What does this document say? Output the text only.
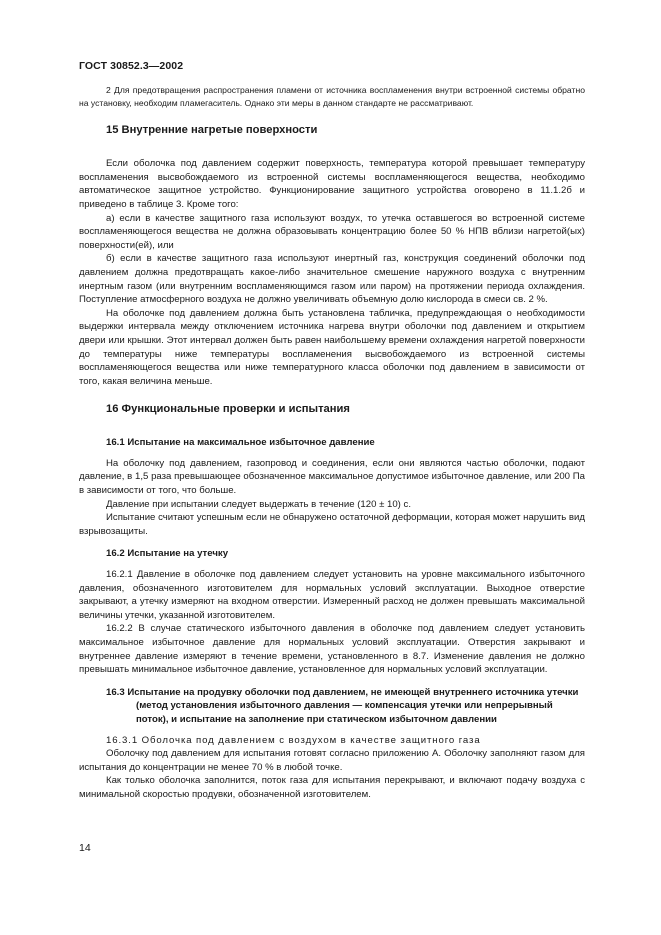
ГОСТ 30852.3—2002

2 Для предотвращения распространения пламени от источника воспламенения внутри встроенной системы обратно на установку, необходим пламегаситель. Однако эти меры в данном стандарте не рассматривают.

15 Внутренние нагретые поверхности

Если оболочка под давлением содержит поверхность, температура которой превышает температуру воспламенения высвобождаемого из встроенной системы воспламеняющегося вещества, необходимо автоматическое защитное устройство. Функционирование защитного устройства оговорено в 11.1.2б и приведено в таблице 3. Кроме того:

а) если в качестве защитного газа используют воздух, то утечка оставшегося во встроенной системе воспламеняющегося вещества не должна образовывать концентрацию более 50 % НПВ вблизи нагретой(ых) поверхности(ей), или

б) если в качестве защитного газа используют инертный газ, конструкция соединений оболочки под давлением должна предотвращать какое-либо значительное смешение наружного воздуха с внутренним инертным газом (или внутренним воспламеняющимся газом или паром) на протяжении периода охлаждения. Поступление атмосферного воздуха не должно увеличивать объемную долю кислорода в смеси св. 2 %.

На оболочке под давлением должна быть установлена табличка, предупреждающая о необходимости выдержки интервала между отключением источника нагрева внутри оболочки под давлением и открытием двери или крышки. Этот интервал должен быть равен наибольшему времени охлаждения нагретой поверхности до температуры ниже температуры воспламенения высвобождаемого из встроенной системы воспламеняющегося вещества или ниже температурного класса оболочки под давлением в зависимости от того, какая величина меньше.

16 Функциональные проверки и испытания
16.1 Испытание на максимальное избыточное давление

На оболочку под давлением, газопровод и соединения, если они являются частью оболочки, подают давление, в 1,5 раза превышающее обозначенное максимальное допустимое избыточное давление, или 200 Па в зависимости от того, что больше.

Давление при испытании следует выдержать в течение (120 ± 10) с.

Испытание считают успешным если не обнаружено остаточной деформации, которая может нарушить вид взрывозащиты.

16.2 Испытание на утечку

16.2.1 Давление в оболочке под давлением следует установить на уровне максимального избыточного давления, обозначенного изготовителем для нормальных условий эксплуатации. Выходное отверстие закрывают, а утечку измеряют на входном отверстии. Измеренный расход не должен превышать максимальной величины утечки, указанной изготовителем.

16.2.2 В случае статического избыточного давления в оболочке под давлением следует установить максимальное избыточное давление для нормальных условий эксплуатации. Отверстия закрывают и внутреннее давление измеряют в течение времени, установленного в 8.7. Изменение давления не должно превышать минимальное избыточное давление, установленное для нормальных условий эксплуатации.

16.3 Испытание на продувку оболочки под давлением, не имеющей внутреннего источника утечки (метод установления избыточного давления — компенсация утечки или непрерывный поток), и испытание на заполнение при статическом избыточном давлении

16.3.1 Оболочка под давлением с воздухом в качестве защитного газа

Оболочку под давлением для испытания готовят согласно приложению А. Оболочку заполняют газом для испытания до концентрации не менее 70 % в любой точке.

Как только оболочка заполнится, поток газа для испытания перекрывают, и включают подачу воздуха с минимальной скоростью продувки, обозначенной изготовителем.

14
